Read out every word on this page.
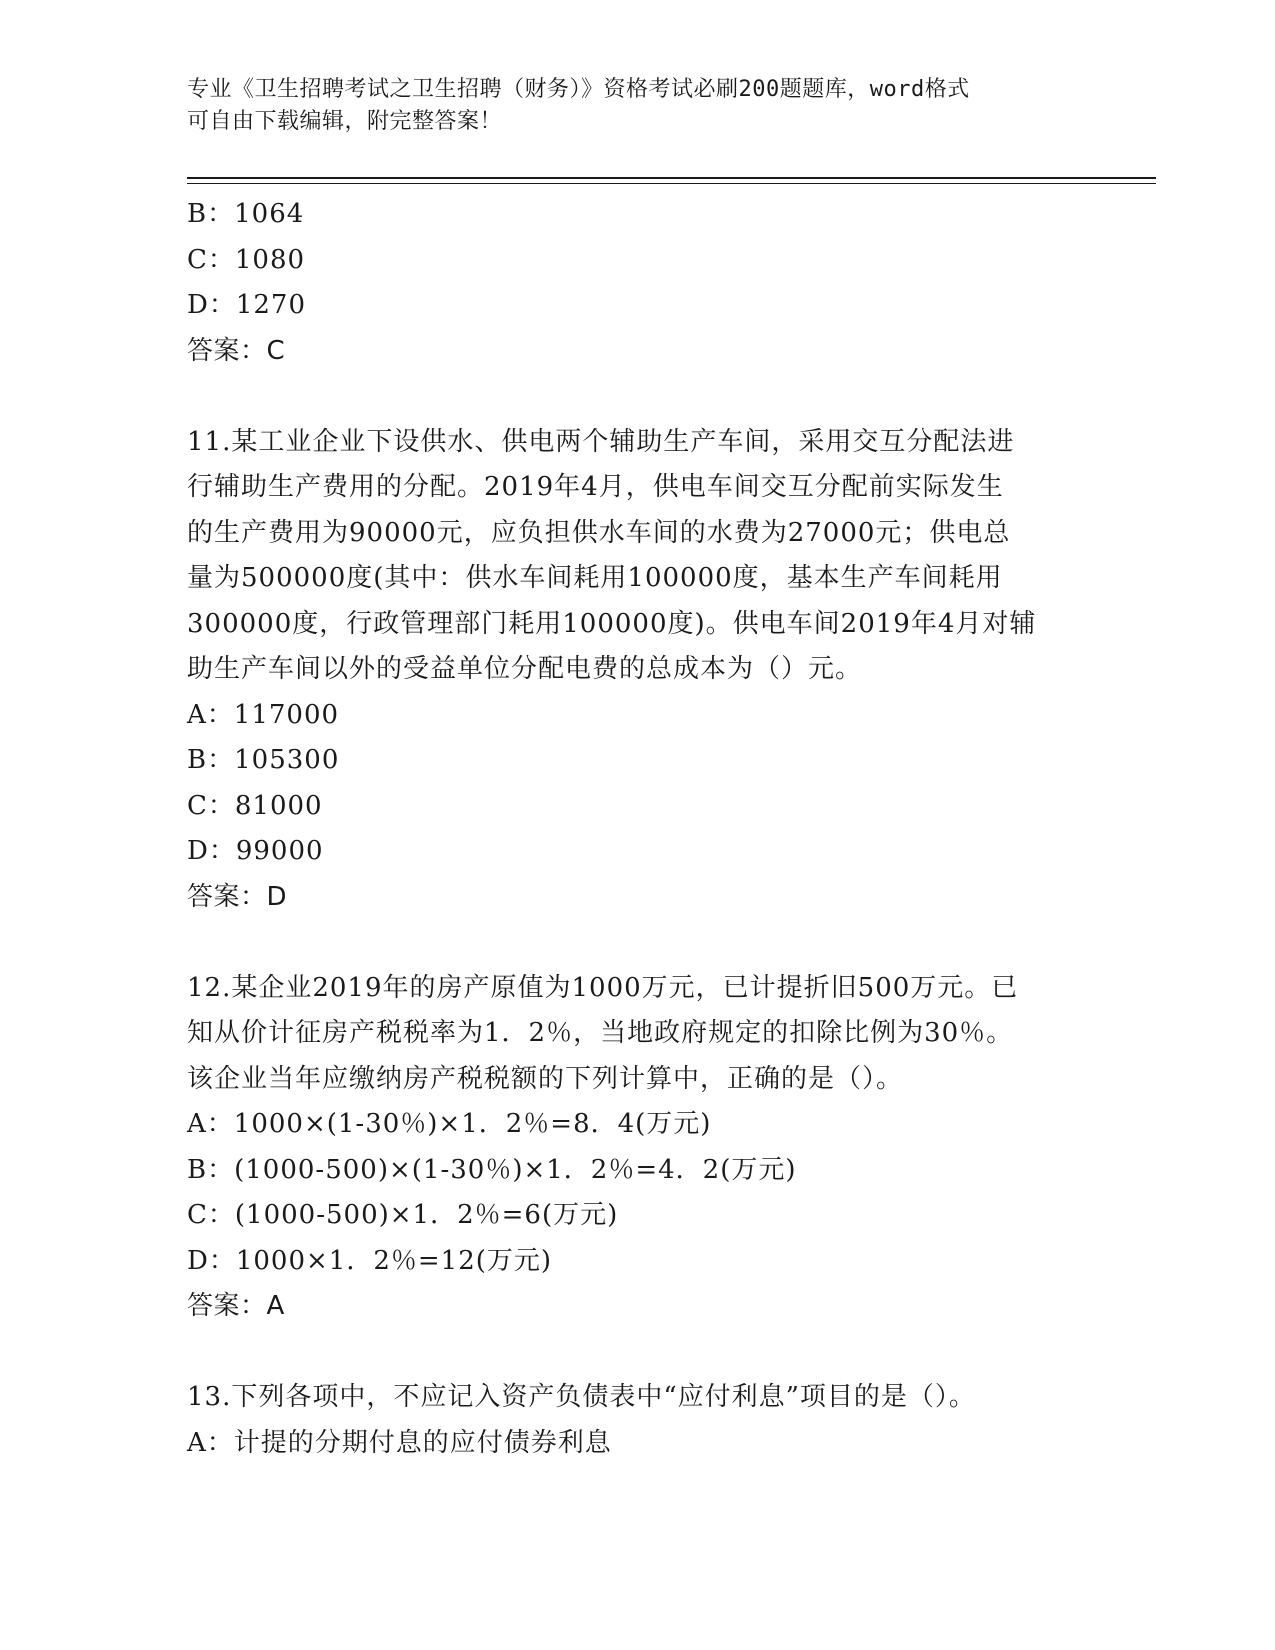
专业《卫生招聘考试之卫生招聘（财务）》资格考试必刷200题题库，word格式
可自由下载编辑，附完整答案！
B：1064
C：1080
D：1270
答案：C
11.某工业企业下设供水、供电两个辅助生产车间，采用交互分配法进
行辅助生产费用的分配。2019年4月，供电车间交互分配前实际发生
的生产费用为90000元，应负担供水车间的水费为27000元；供电总
量为500000度(其中：供水车间耗用100000度，基本生产车间耗用
300000度，行政管理部门耗用100000度)。供电车间2019年4月对辅
助生产车间以外的受益单位分配电费的总成本为（）元。
A：117000
B：105300
C：81000
D：99000
答案：D
12.某企业2019年的房产原值为1000万元，已计提折旧500万元。已
知从价计征房产税税率为1．2％，当地政府规定的扣除比例为30％。
该企业当年应缴纳房产税税额的下列计算中，正确的是（）。
A：1000×(1-30％)×1．2％=8．4(万元)
B：(1000-500)×(1-30％)×1．2％=4．2(万元)
C：(1000-500)×1．2％=6(万元)
D：1000×1．2％=12(万元)
答案：A
13.下列各项中，不应记入资产负债表中“应付利息”项目的是（）。
A：计提的分期付息的应付债券利息
